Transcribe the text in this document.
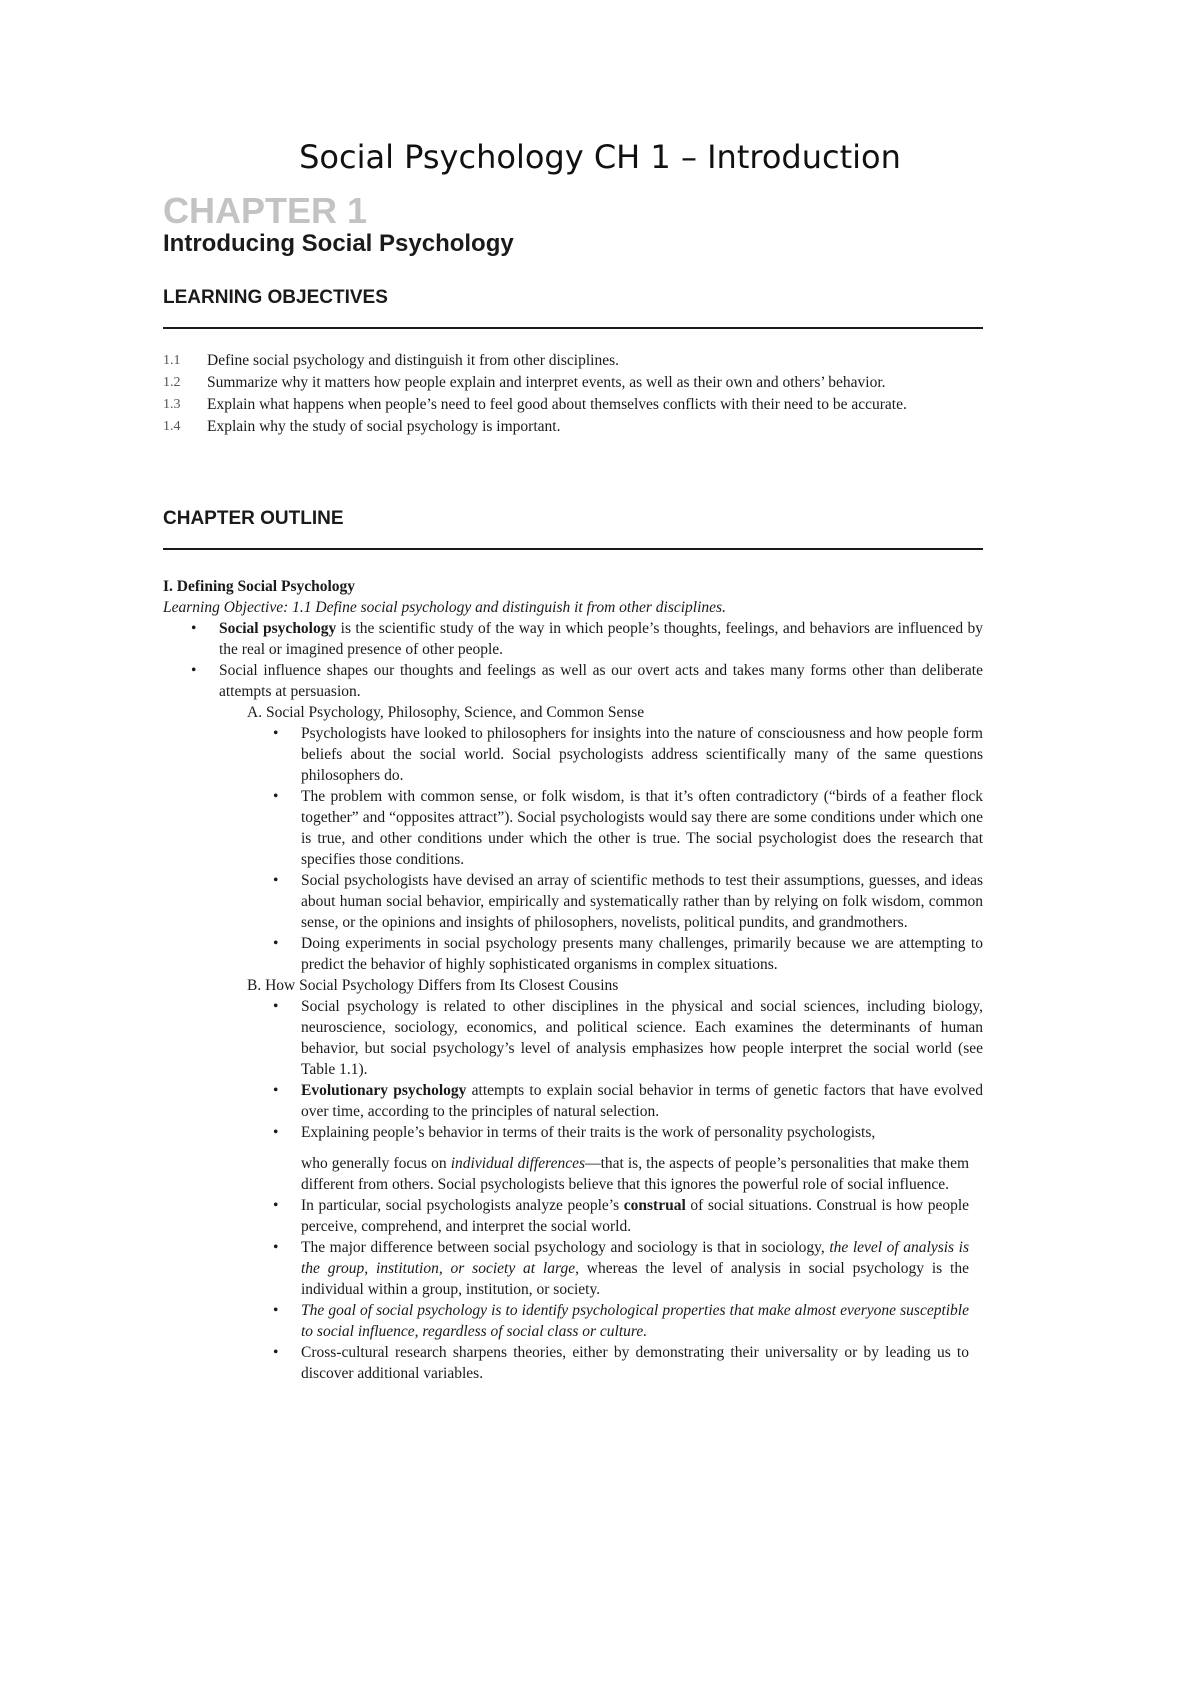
Social Psychology CH 1 – Introduction
CHAPTER 1
Introducing Social Psychology
LEARNING OBJECTIVES
1.1	Define social psychology and distinguish it from other disciplines.
1.2	Summarize why it matters how people explain and interpret events, as well as their own and others’ behavior.
1.3	Explain what happens when people’s need to feel good about themselves conflicts with their need to be accurate.
1.4	Explain why the study of social psychology is important.
CHAPTER OUTLINE

I. Defining Social Psychology

Learning Objective: 1.1 Define social psychology and distinguish it from other disciplines.

• Social psychology is the scientific study of the way in which people’s thoughts, feelings, and behaviors are influenced by the real or imagined presence of other people.
• Social influence shapes our thoughts and feelings as well as our overt acts and takes many forms other than deliberate attempts at persuasion.

A. Social Psychology, Philosophy, Science, and Common Sense

• Psychologists have looked to philosophers for insights into the nature of consciousness and how people form beliefs about the social world. Social psychologists address scientifically many of the same questions philosophers do.
• The problem with common sense, or folk wisdom, is that it’s often contradictory (“birds of a feather flock together” and “opposites attract”). Social psychologists would say there are some conditions under which one is true, and other conditions under which the other is true. The social psychologist does the research that specifies those conditions.
• Social psychologists have devised an array of scientific methods to test their assumptions, guesses, and ideas about human social behavior, empirically and systematically rather than by relying on folk wisdom, common sense, or the opinions and insights of philosophers, novelists, political pundits, and grandmothers.
• Doing experiments in social psychology presents many challenges, primarily because we are attempting to predict the behavior of highly sophisticated organisms in complex situations.

B. How Social Psychology Differs from Its Closest Cousins

• Social psychology is related to other disciplines in the physical and social sciences, including biology, neuroscience, sociology, economics, and political science. Each examines the determinants of human behavior, but social psychology’s level of analysis emphasizes how people interpret the social world (see Table 1.1).
• Evolutionary psychology attempts to explain social behavior in terms of genetic factors that have evolved over time, according to the principles of natural selection.
• Explaining people’s behavior in terms of their traits is the work of personality psychologists,
who generally focus on individual differences—that is, the aspects of people’s personalities that make them different from others. Social psychologists believe that this ignores the powerful role of social influence.
• In particular, social psychologists analyze people’s construal of social situations. Construal is how people perceive, comprehend, and interpret the social world.
• The major difference between social psychology and sociology is that in sociology, the level of analysis is the group, institution, or society at large, whereas the level of analysis in social psychology is the individual within a group, institution, or society.
• The goal of social psychology is to identify psychological properties that make almost everyone susceptible to social influence, regardless of social class or culture.
• Cross-cultural research sharpens theories, either by demonstrating their universality or by leading us to discover additional variables.
